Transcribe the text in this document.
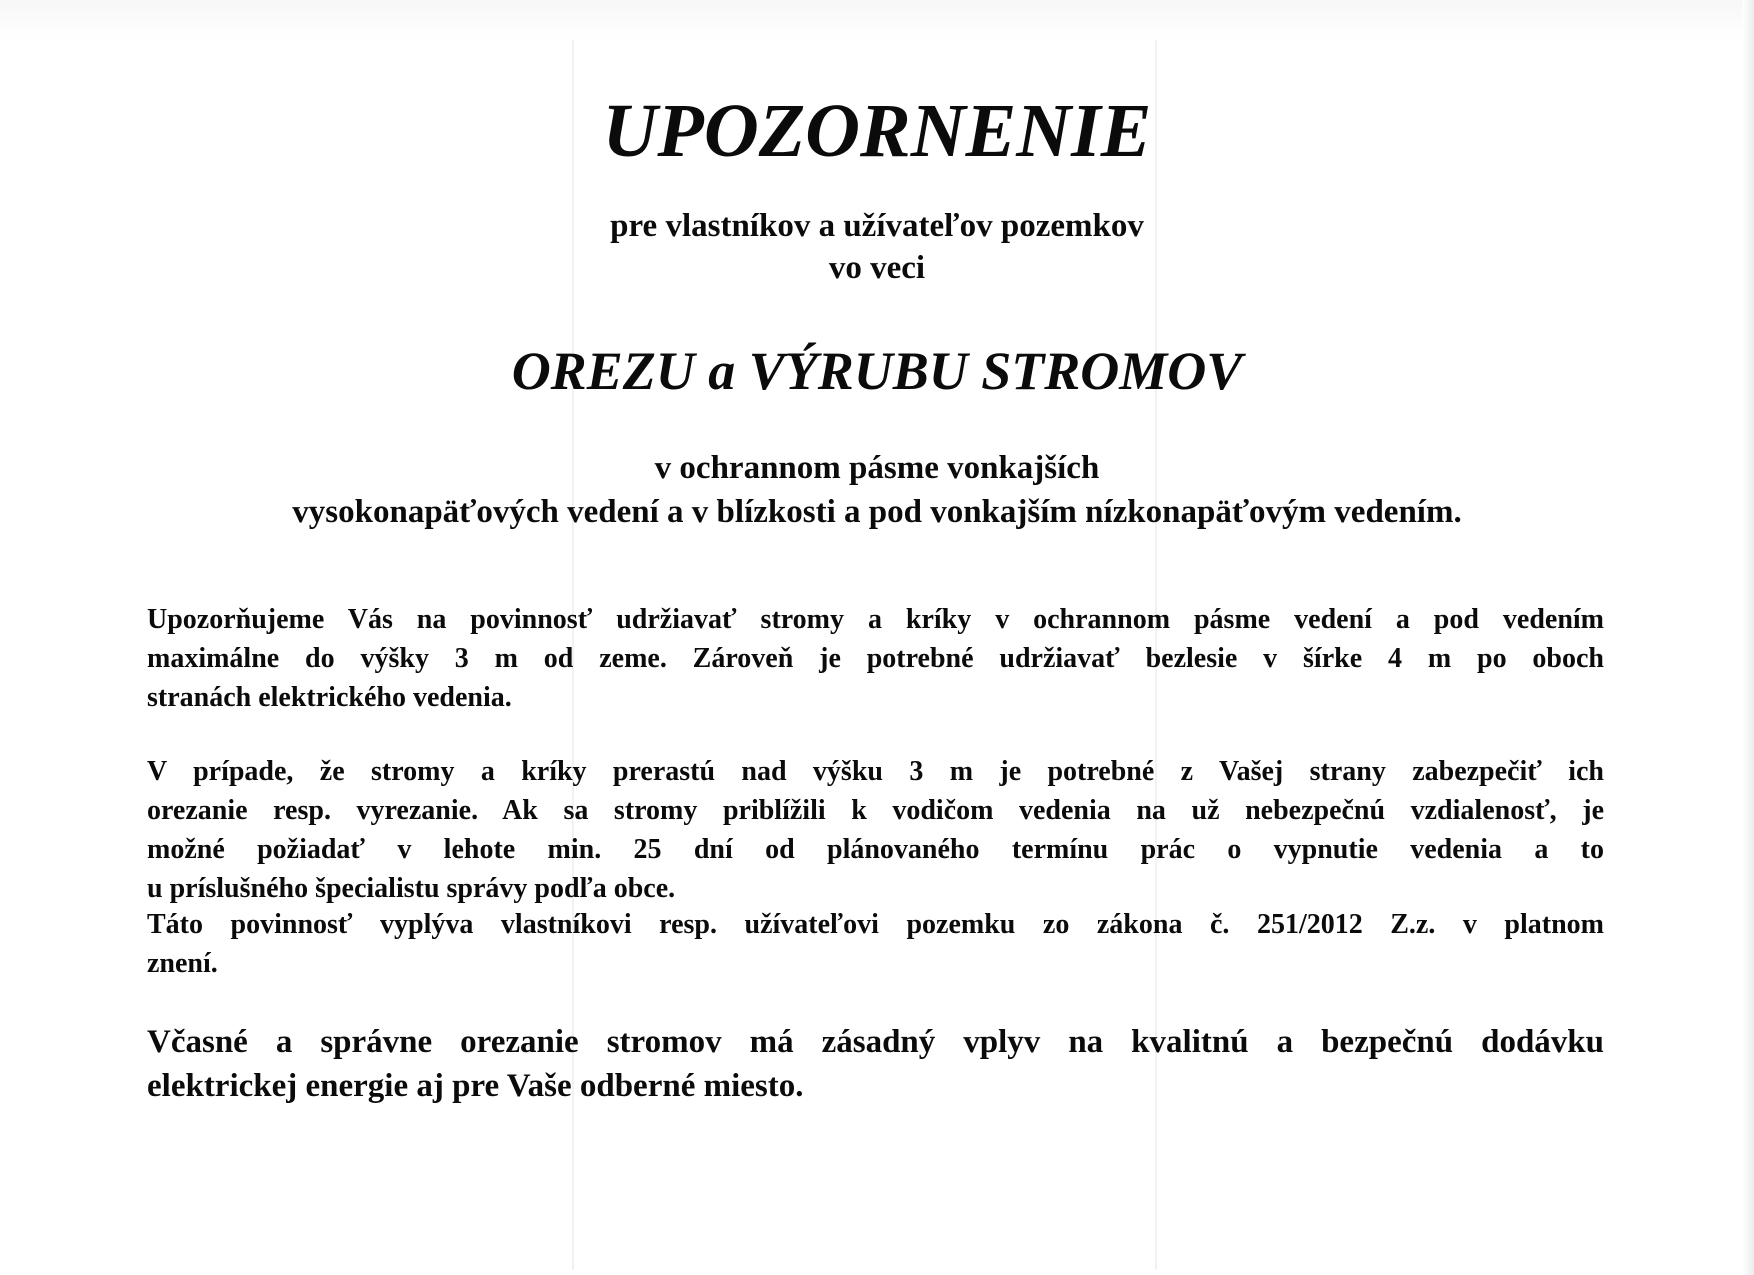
UPOZORNENIE
pre vlastníkov a užívateľov pozemkov
vo veci
OREZU a VÝRUBU STROMOV
v ochrannom pásme vonkajších
vysokonapäťových vedení a v blízkosti a pod vonkajším nízkonapäťovým vedením.
Upozorňujeme Vás na povinnosť udržiavať stromy a kríky v ochrannom pásme vedení a pod vedením
maximálne do výšky 3 m od zeme. Zároveň je potrebné udržiavať bezlesie v šírke 4 m po oboch
stranách elektrického vedenia.
V prípade, že stromy a kríky prerastú nad výšku 3 m je potrebné z Vašej strany zabezpečiť ich
orezanie resp. vyrezanie. Ak sa stromy priblížili k vodičom vedenia na už nebezpečnú vzdialenosť, je
možné požiadať v lehote min. 25 dní od plánovaného termínu prác o vypnutie vedenia a to
u príslušného špecialistu správy podľa obce.
Táto povinnosť vyplýva vlastníkovi resp. užívateľovi pozemku zo zákona č. 251/2012 Z.z. v platnom
znení.
Včasné a správne orezanie stromov má zásadný vplyv na kvalitnú a bezpečnú dodávku
elektrickej energie aj pre Vaše odberné miesto.
